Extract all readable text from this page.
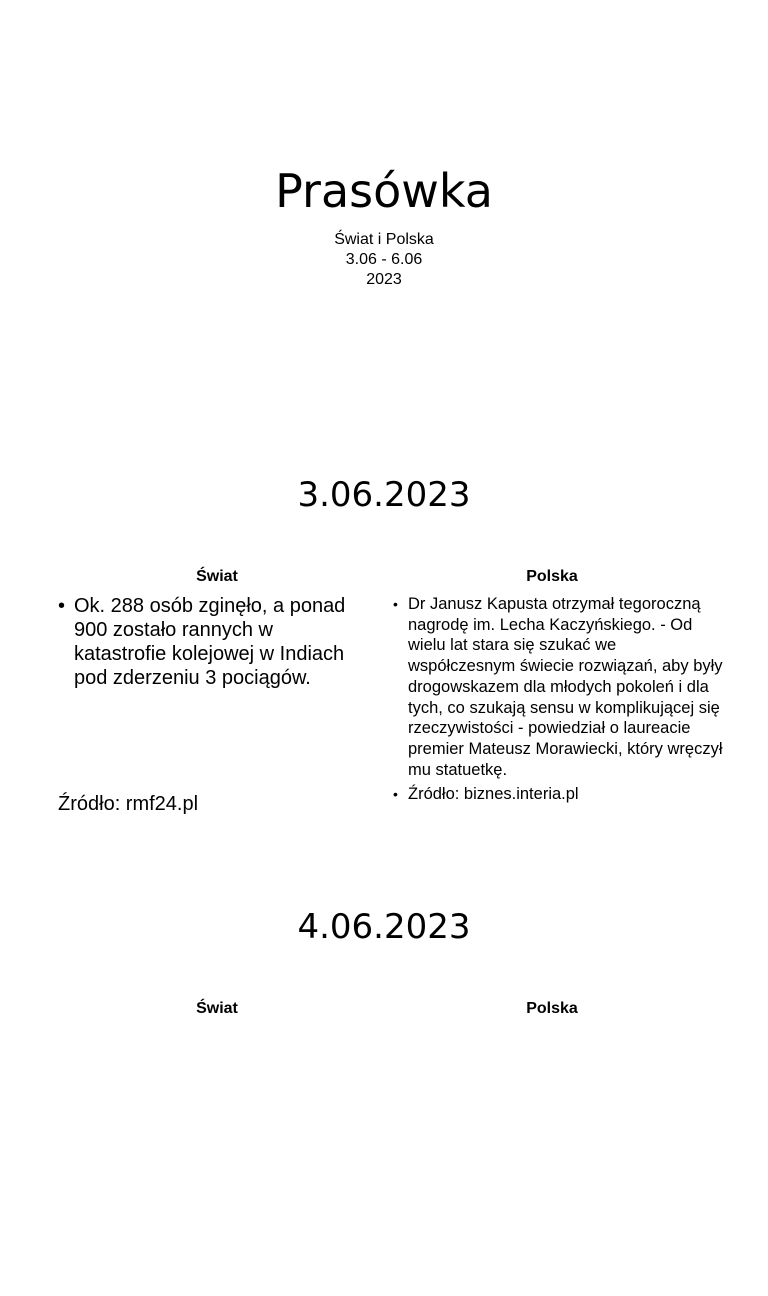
Prasówka
Świat i Polska
3.06 - 6.06
2023
3.06.2023
Świat	Polska
• Ok. 288 osób zginęło, a ponad 900 zostało rannych w katastrofie kolejowej w Indiach pod zderzeniu 3 pociągów.
Źródło: rmf24.pl
• Dr Janusz Kapusta otrzymał tegoroczną nagrodę im. Lecha Kaczyńskiego. - Od wielu lat stara się szukać we współczesnym świecie rozwiązań, aby były drogowskazem dla młodych pokoleń i dla tych, co szukają sensu w komplikującej się rzeczywistości - powiedział o laureacie premier Mateusz Morawiecki, który wręczył mu statuetkę.
• Źródło: biznes.interia.pl
4.06.2023
Świat	Polska
